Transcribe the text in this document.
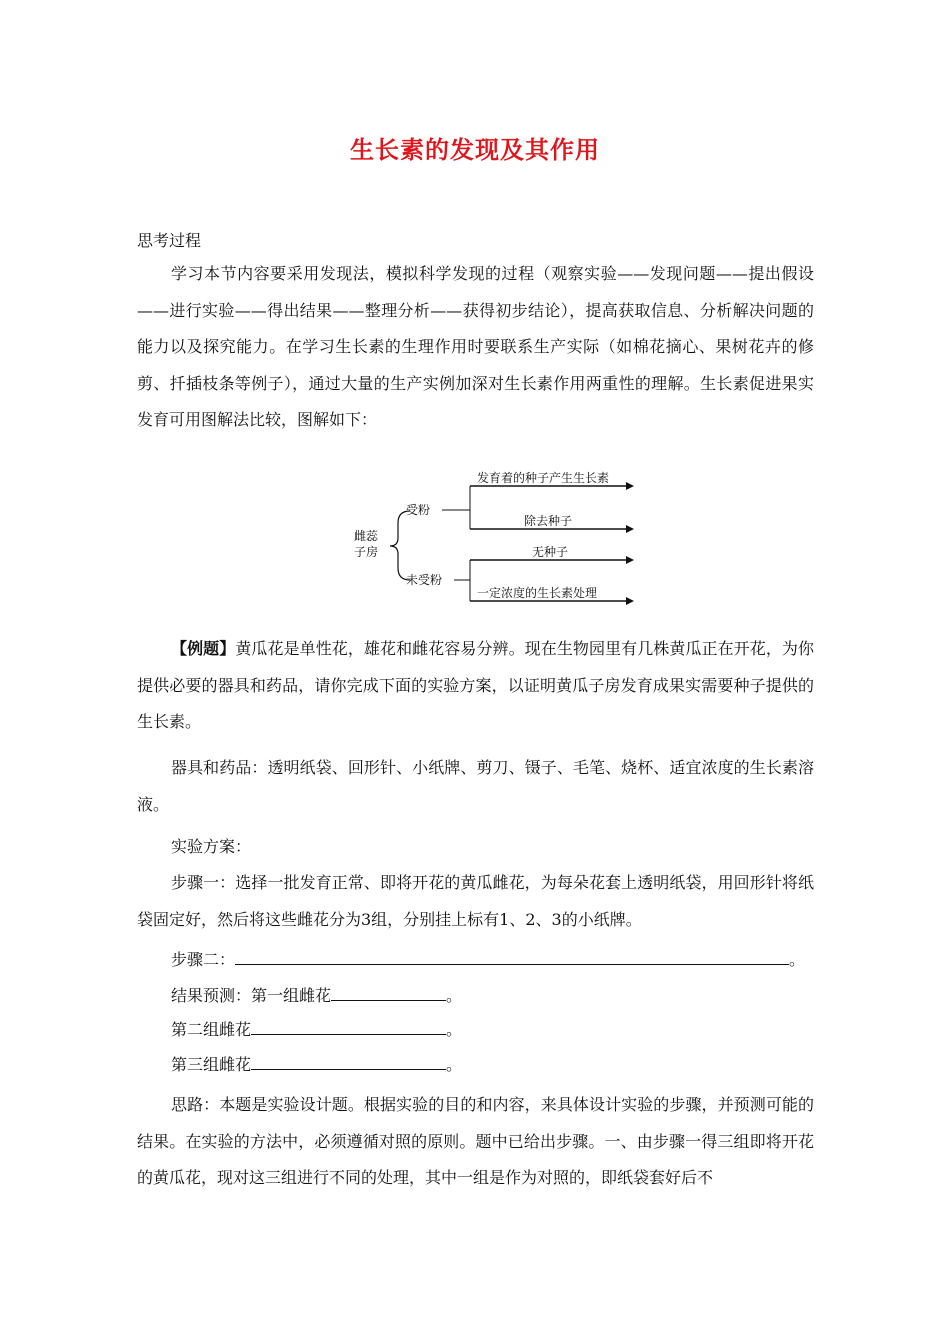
生长素的发现及其作用

思考过程

学习本节内容要采用发现法，模拟科学发现的过程（观察实验——发现问题——提出假设——进行实验——得出结果——整理分析——获得初步结论），提高获取信息、分析解决问题的能力以及探究能力。在学习生长素的生理作用时要联系生产实际（如棉花摘心、果树花卉的修剪、扦插枝条等例子），通过大量的生产实例加深对生长素作用两重性的理解。生长素促进果实发育可用图解法比较，图解如下：

雌蕊
子房
受粉
未受粉
发育着的种子产生生长素
除去种子
无种子
一定浓度的生长素处理

【例题】黄瓜花是单性花，雄花和雌花容易分辨。现在生物园里有几株黄瓜正在开花，为你提供必要的器具和药品，请你完成下面的实验方案，以证明黄瓜子房发育成果实需要种子提供的生长素。

器具和药品：透明纸袋、回形针、小纸牌、剪刀、镊子、毛笔、烧杯、适宜浓度的生长素溶液。

实验方案：

步骤一：选择一批发育正常、即将开花的黄瓜雌花，为每朵花套上透明纸袋，用回形针将纸袋固定好，然后将这些雌花分为3组，分别挂上标有1、2、3的小纸牌。

步骤二：	。
结果预测：第一组雌花	。
第二组雌花	。
第三组雌花	。

思路：本题是实验设计题。根据实验的目的和内容，来具体设计实验的步骤，并预测可能的结果。在实验的方法中，必须遵循对照的原则。题中已给出步骤。一、由步骤一得三组即将开花的黄瓜花，现对这三组进行不同的处理，其中一组是作为对照的，即纸袋套好后不
